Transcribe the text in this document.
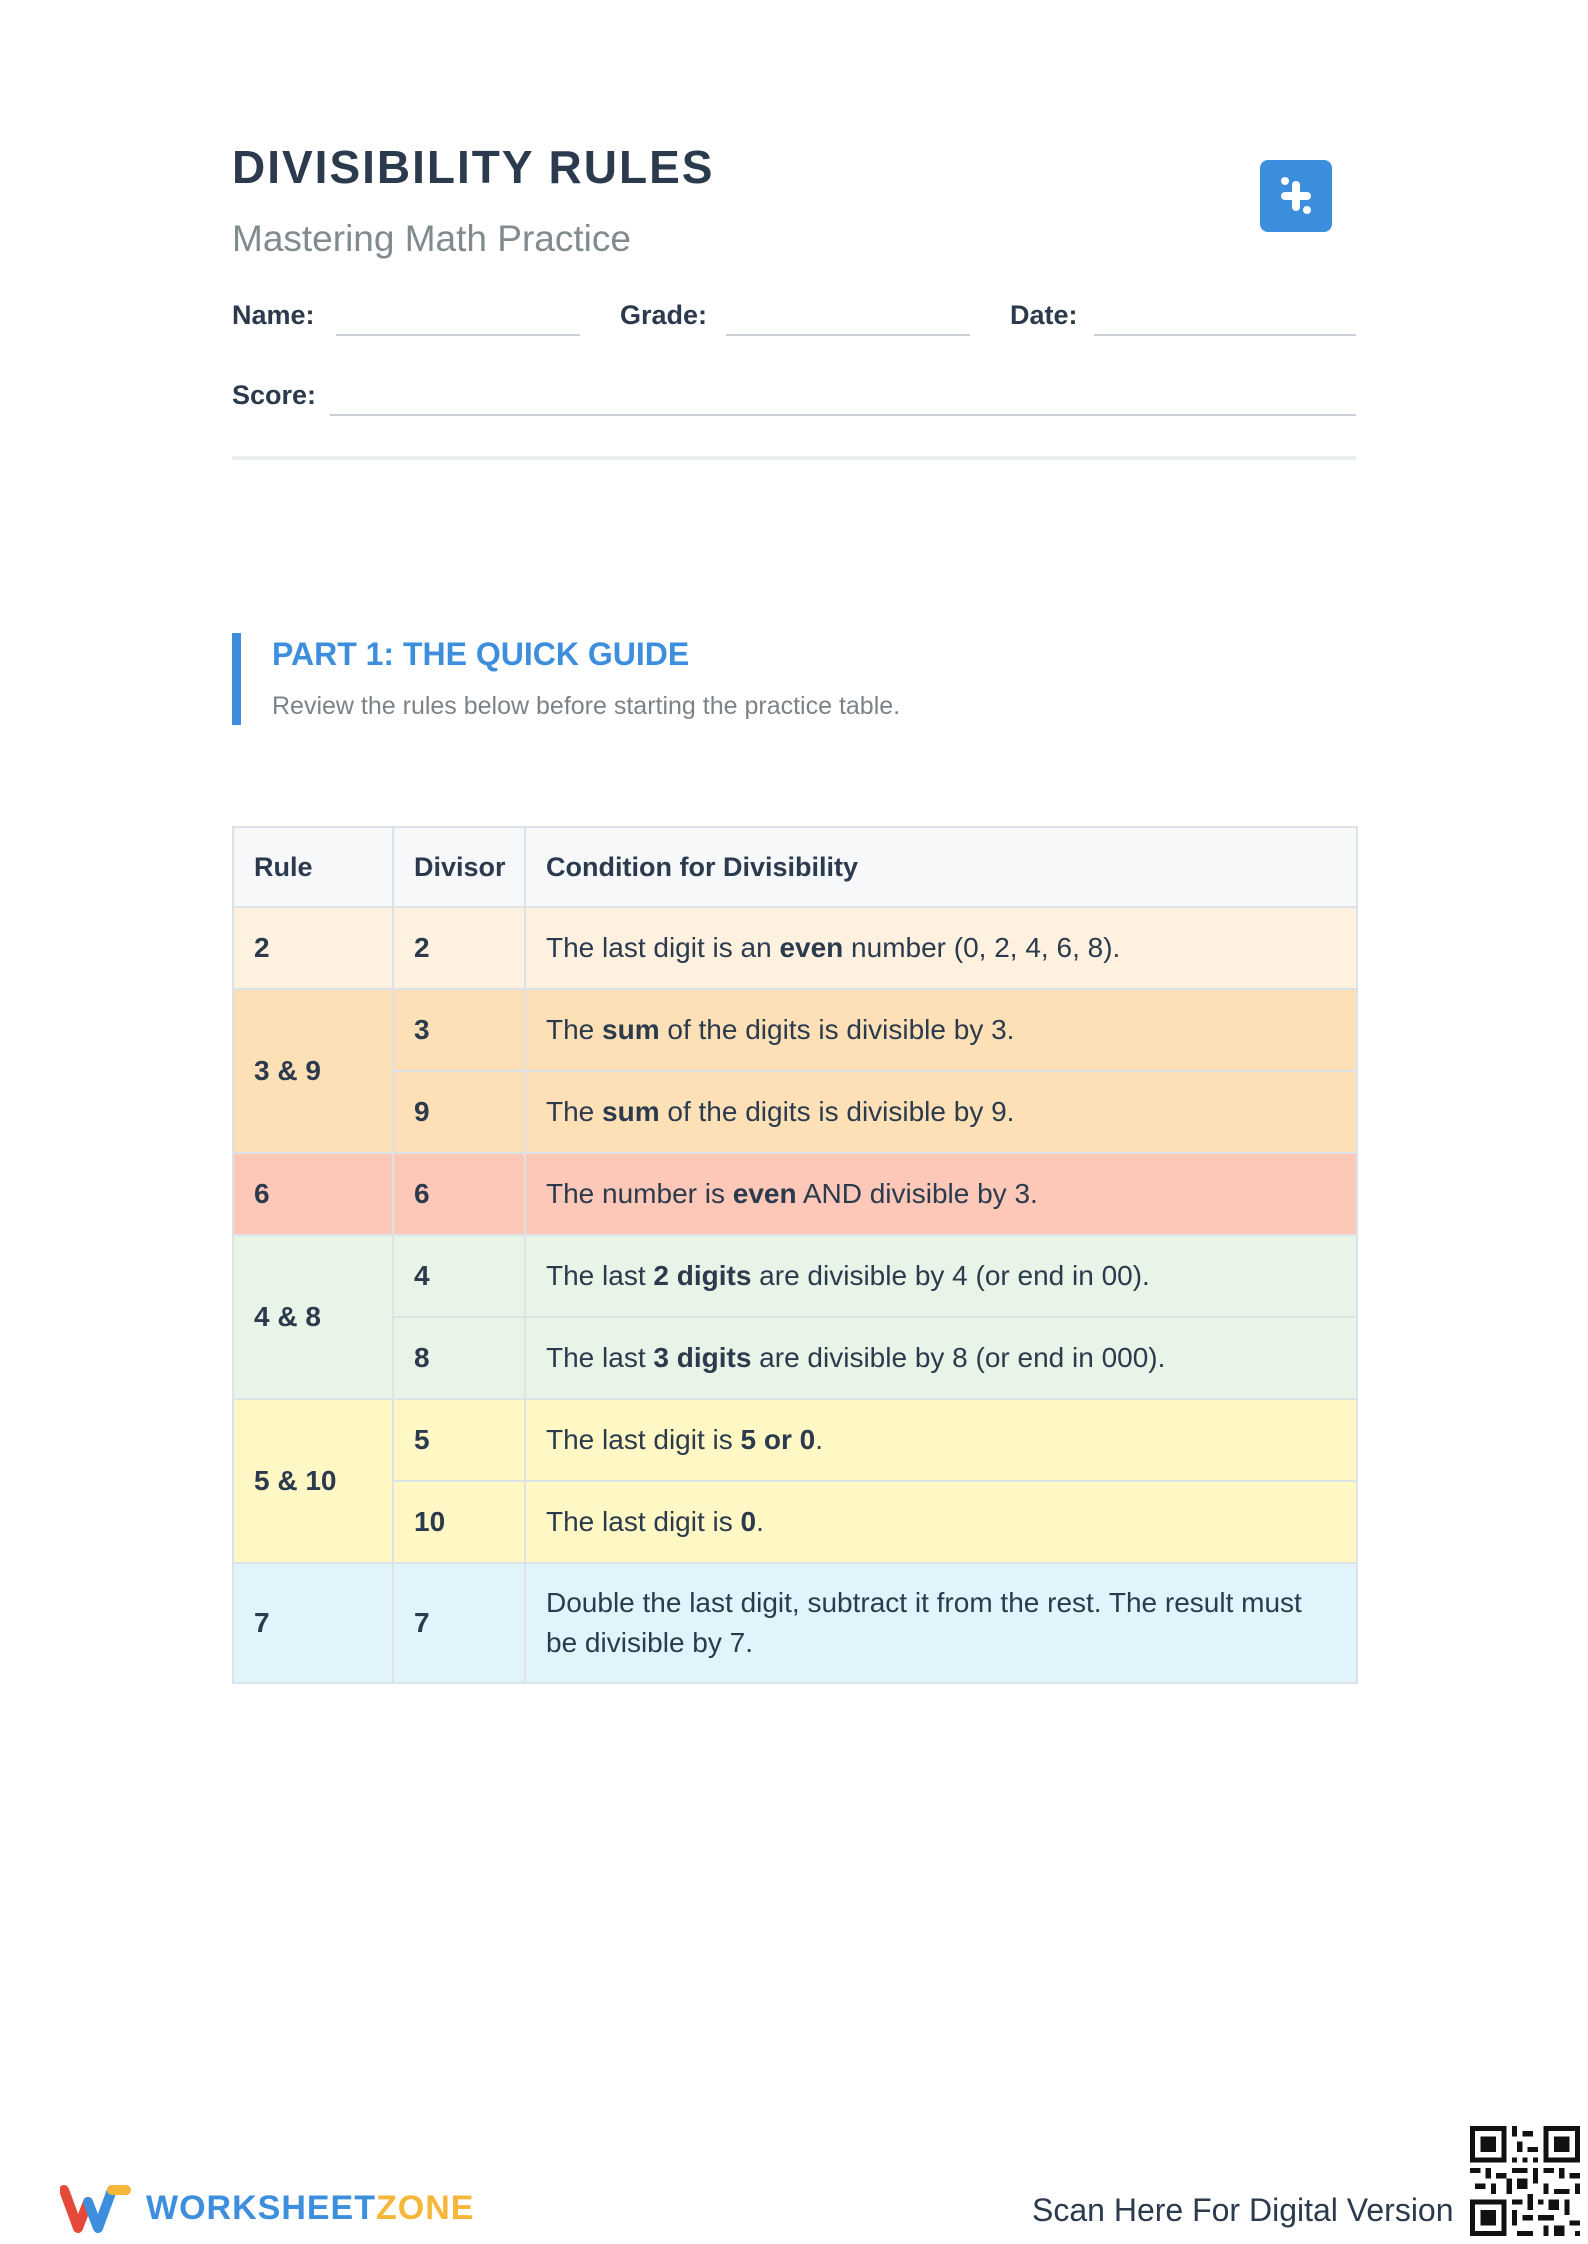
DIVISIBILITY RULES
Mastering Math Practice
Name:	Grade:	Date:
Score:
PART 1: THE QUICK GUIDE
Review the rules below before starting the practice table.
Rule	Divisor	Condition for Divisibility
2	2	The last digit is an even number (0, 2, 4, 6, 8).
3 & 9	3	The sum of the digits is divisible by 3.
	9	The sum of the digits is divisible by 9.
6	6	The number is even AND divisible by 3.
4 & 8	4	The last 2 digits are divisible by 4 (or end in 00).
	8	The last 3 digits are divisible by 8 (or end in 000).
5 & 10	5	The last digit is 5 or 0.
	10	The last digit is 0.
7	7	Double the last digit, subtract it from the rest. The result must be divisible by 7.
WORKSHEETZONE	Scan Here For Digital Version
